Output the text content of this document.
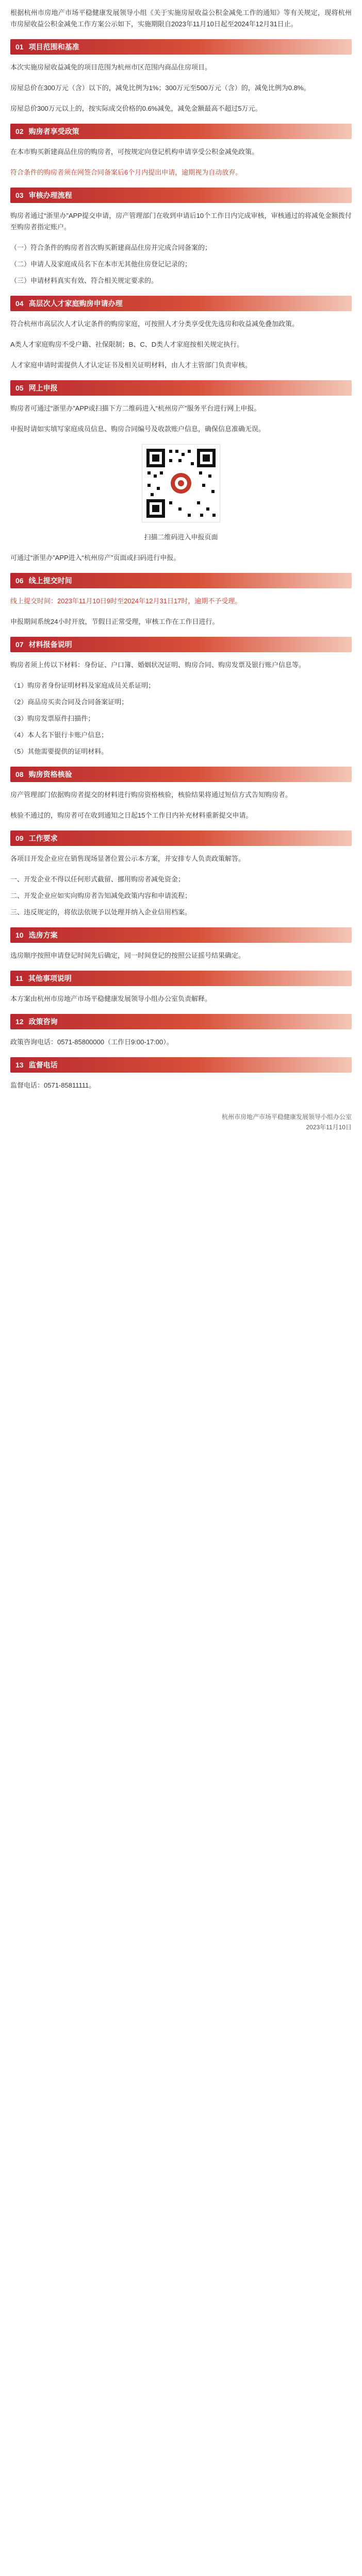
根据杭州市房地产市场平稳健康发展领导小组《关于实施房屋收益公积金减免工作的通知》等有关规定，现将杭州市房屋收益公积金减免工作方案公示如下，实施期限自2023年11月10日起至2024年12月31日止。

01 项目范围和基准

本次实施房屋收益减免的项目范围为杭州市区范围内商品住房项目。

房屋总价在300万元（含）以下的，减免比例为1%；300万元至500万元（含）的，减免比例为0.8%。

房屋总价300万元以上的，按实际成交价格的0.6%减免，减免金额最高不超过5万元。

02 购房者享受政策

在本市购买新建商品住房的购房者，可按规定向登记机构申请享受公积金减免政策。

符合条件的购房者须在网签合同备案后6个月内提出申请，逾期视为自动放弃。

03 审核办理流程

购房者通过“浙里办”APP提交申请，房产管理部门在收到申请后10个工作日内完成审核，审核通过的将减免金额拨付至购房者指定账户。

（一）符合条件的购房者首次购买新建商品住房并完成合同备案的；

（二）申请人及家庭成员名下在本市无其他住房登记记录的；

（三）申请材料真实有效、符合相关规定要求的。

04 高层次人才家庭购房申请办理

符合杭州市高层次人才认定条件的购房家庭，可按照人才分类享受优先选房和收益减免叠加政策。

A类人才家庭购房不受户籍、社保限制；B、C、D类人才家庭按相关规定执行。

人才家庭申请时需提供人才认定证书及相关证明材料，由人才主管部门负责审核。

05 网上申报

购房者可通过“浙里办”APP或扫描下方二维码进入“杭州房产”服务平台进行网上申报。

申报时请如实填写家庭成员信息、购房合同编号及收款账户信息，确保信息准确无误。

扫描二维码进入申报页面

可通过“浙里办”APP进入“杭州房产”页面或扫码进行申报。

06 线上提交时间

线上提交时间：2023年11月10日9时至2024年12月31日17时，逾期不予受理。

申报期间系统24小时开放，节假日正常受理，审核工作在工作日进行。

07 材料报备说明

购房者须上传以下材料：身份证、户口簿、婚姻状况证明、购房合同、购房发票及银行账户信息等。

（1）购房者身份证明材料及家庭成员关系证明；

（2）商品房买卖合同及合同备案证明；

（3）购房发票原件扫描件；

（4）本人名下银行卡账户信息；

（5）其他需要提供的证明材料。

08 购房资格核验

房产管理部门依据购房者提交的材料进行购房资格核验，核验结果将通过短信方式告知购房者。

核验不通过的，购房者可在收到通知之日起15个工作日内补充材料重新提交申请。

09 工作要求

各项目开发企业应在销售现场显著位置公示本方案，并安排专人负责政策解答。

一、开发企业不得以任何形式截留、挪用购房者减免资金；

二、开发企业应如实向购房者告知减免政策内容和申请流程；

三、违反规定的，将依法依规予以处理并纳入企业信用档案。

10 选房方案

选房顺序按照申请登记时间先后确定，同一时间登记的按照公证摇号结果确定。

11 其他事项说明

本方案由杭州市房地产市场平稳健康发展领导小组办公室负责解释。

12 政策咨询

政策咨询电话：0571-85800000（工作日9:00-17:00）。

13 监督电话

监督电话：0571-85811111。

杭州市房地产市场平稳健康发展领导小组办公室
2023年11月10日
